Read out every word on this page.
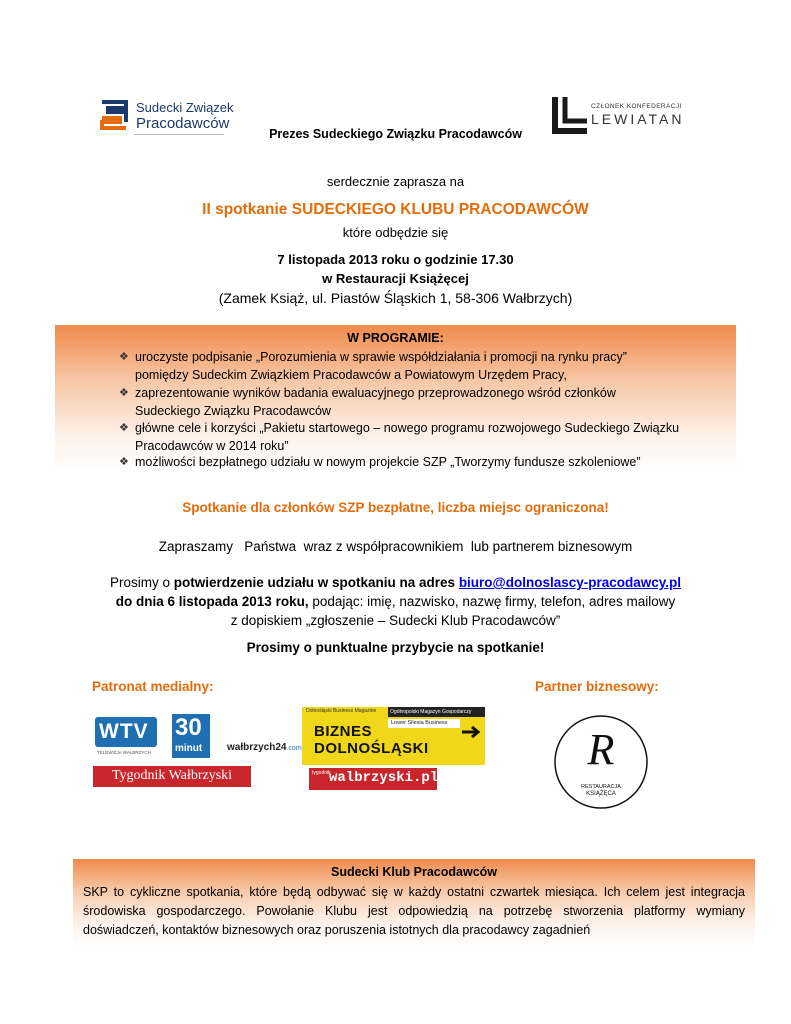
Sudecki Związek
Pracodawców
CZŁONEK KONFEDERACJI
LEWIATAN
Prezes Sudeckiego Związku Pracodawców
serdecznie zaprasza na
II spotkanie SUDECKIEGO KLUBU PRACODAWCÓW
które odbędzie się
7 listopada 2013 roku o godzinie 17.30
w Restauracji Książęcej
(Zamek Książ, ul. Piastów Śląskich 1, 58-306 Wałbrzych)
W PROGRAMIE:
❖ uroczyste podpisanie „Porozumienia w sprawie współdziałania i promocji na rynku pracy”
pomiędzy Sudeckim Związkiem Pracodawców a Powiatowym Urzędem Pracy,
❖ zaprezentowanie wyników badania ewaluacyjnego przeprowadzonego wśród członków
Sudeckiego Związku Pracodawców
❖ główne cele i korzyści „Pakietu startowego – nowego programu rozwojowego Sudeckiego Związku
Pracodawców w 2014 roku”
❖ możliwości bezpłatnego udziału w nowym projekcie SZP „Tworzymy fundusze szkoleniowe”
Spotkanie dla członków SZP bezpłatne, liczba miejsc ograniczona!
Zapraszamy   Państwa  wraz z współpracownikiem  lub partnerem biznesowym
Prosimy o potwierdzenie udziału w spotkaniu na adres biuro@dolnoslascy-pracodawcy.pl
do dnia 6 listopada 2013 roku, podając: imię, nazwisko, nazwę firmy, telefon, adres mailowy
z dopiskiem „zgłoszenie – Sudecki Klub Pracodawców”
Prosimy o punktualne przybycie na spotkanie!
Patronat medialny:	Partner biznesowy:
WTV
TELEWIZJA WAŁBRZYCH
30
minut wałbrzych24.com
Dolnośląski Business Magazine	Ogólnopolski Magazyn Gospodarczy
Lower Silesia Business
BIZNES
DOLNOŚLĄSKI
Tygodnik Wałbrzyski	tygodnik
walbrzyski.pl
R
RESTAURACJA
KSIĄŻĘCA
Sudecki Klub Pracodawców
SKP to cykliczne spotkania, które będą odbywać się w każdy ostatni czwartek miesiąca. Ich celem jest integracja środowiska gospodarczego. Powołanie Klubu jest odpowiedzią na potrzebę stworzenia platformy wymiany doświadczeń, kontaktów biznesowych oraz poruszenia istotnych dla pracodawcy zagadnień
